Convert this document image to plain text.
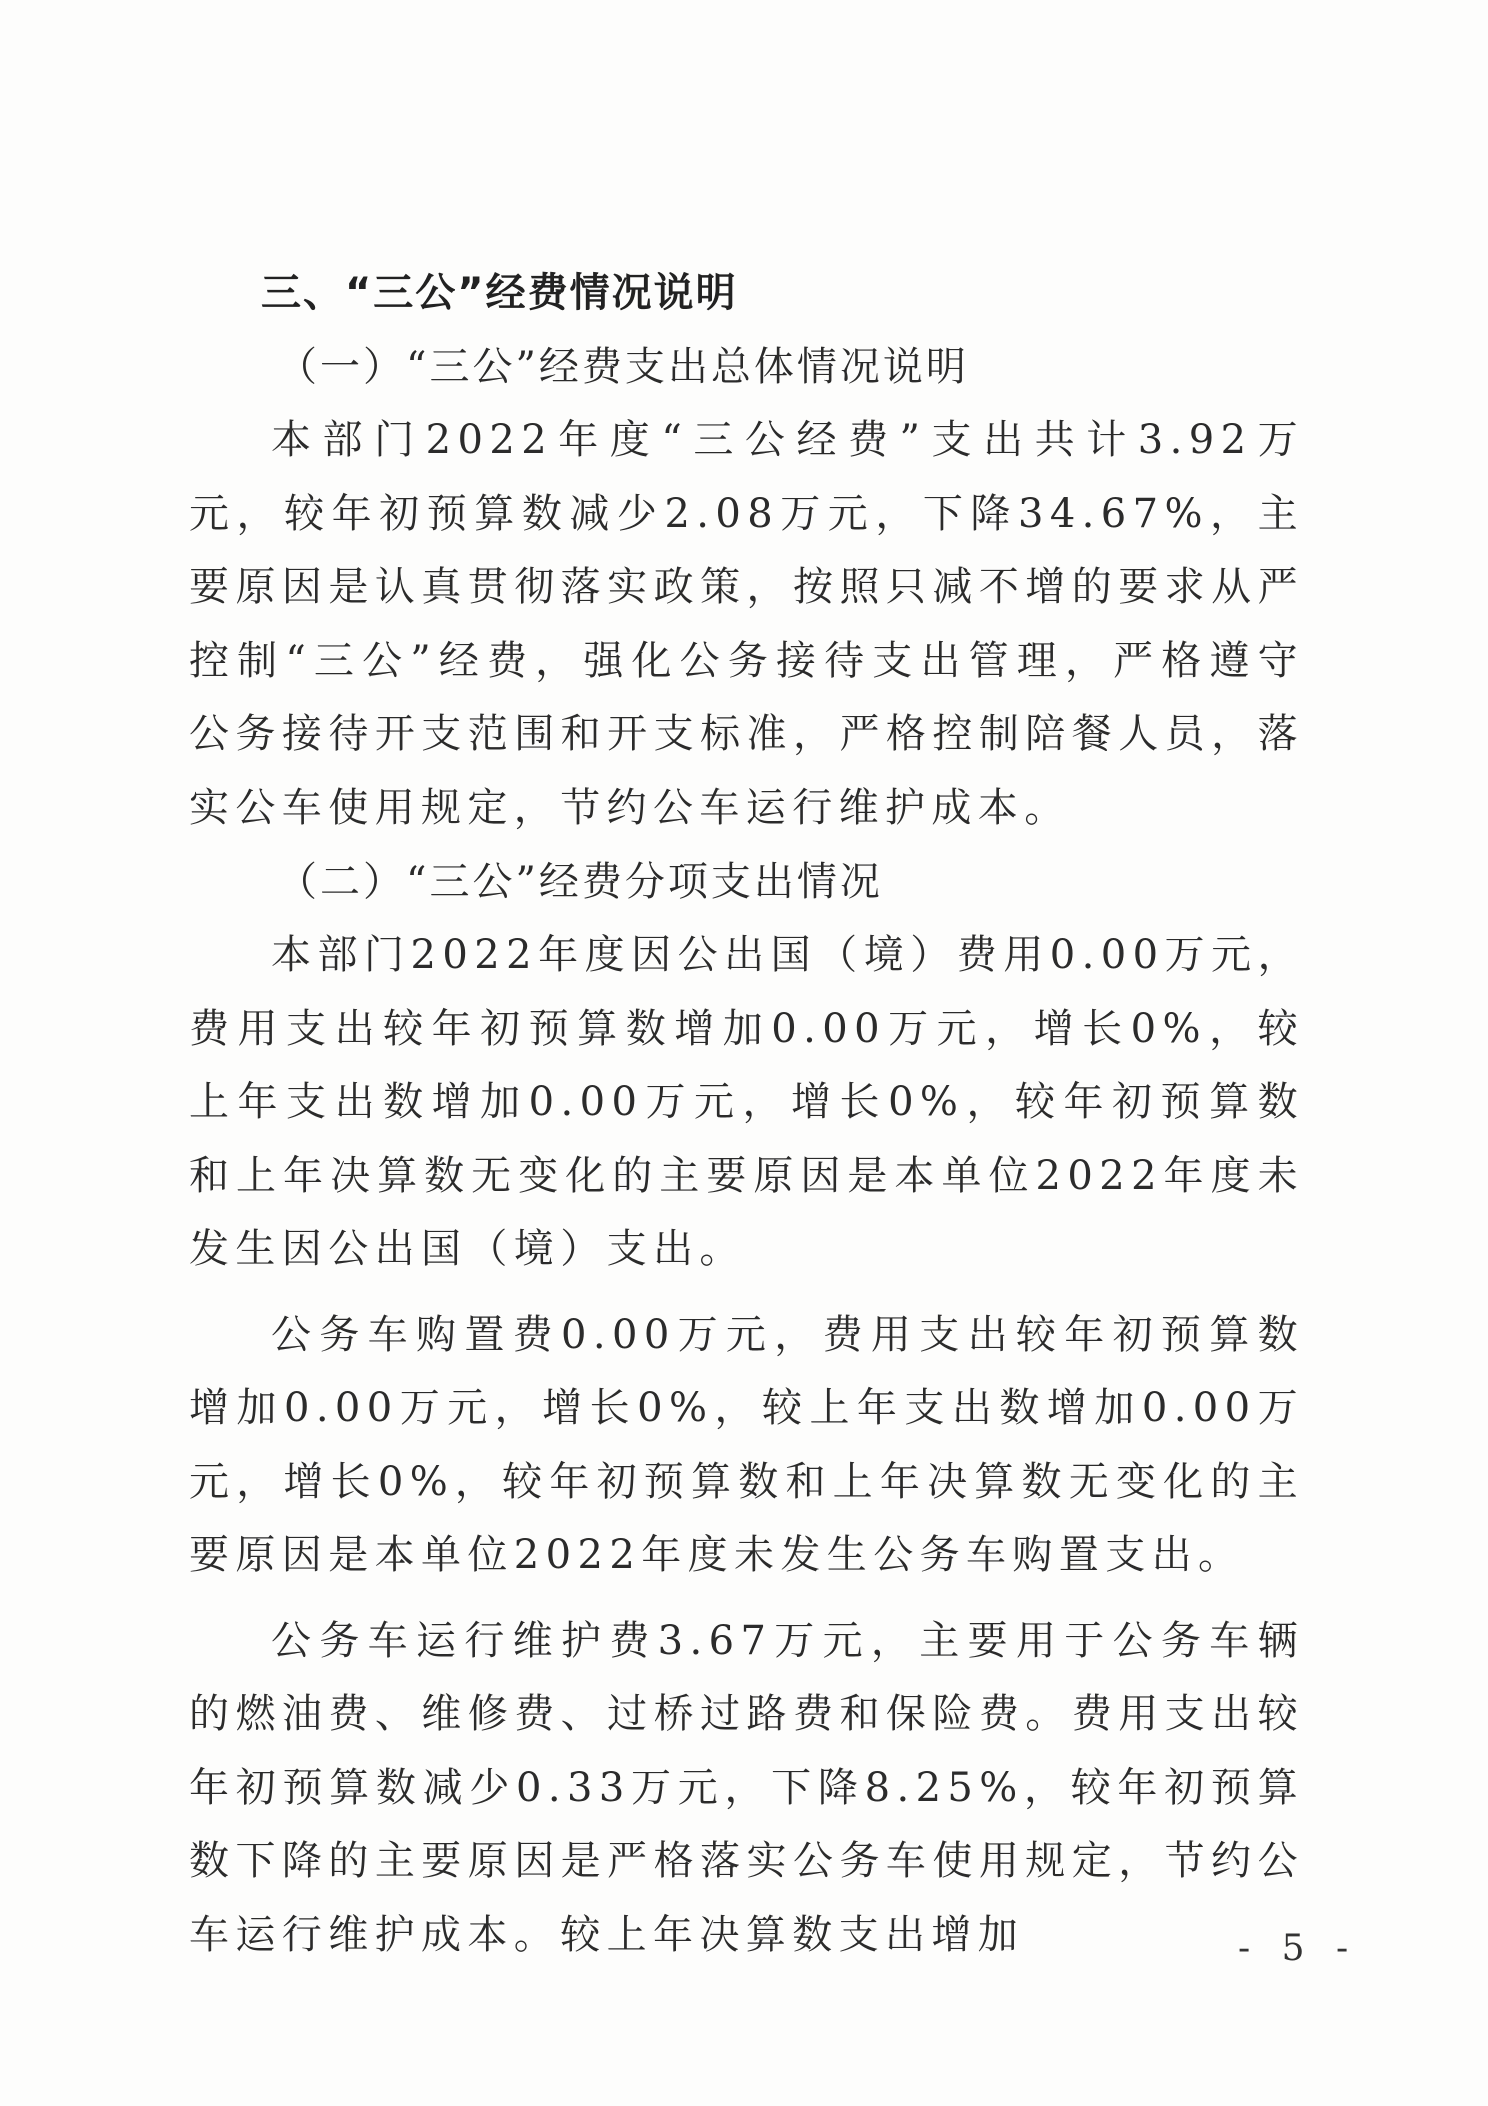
三、“三公”经费情况说明

（一）“三公”经费支出总体情况说明

本部门2022年度“三公经费”支出共计3.92万元，较年初预算数减少2.08万元，下降34.67%，主要原因是认真贯彻落实政策，按照只减不增的要求从严控制“三公”经费，强化公务接待支出管理，严格遵守公务接待开支范围和开支标准，严格控制陪餐人员，落实公车使用规定，节约公车运行维护成本。

（二）“三公”经费分项支出情况

本部门2022年度因公出国（境）费用0.00万元，费用支出较年初预算数增加0.00万元，增长0%，较上年支出数增加0.00万元，增长0%，较年初预算数和上年决算数无变化的主要原因是本单位2022年度未发生因公出国（境）支出。

公务车购置费0.00万元，费用支出较年初预算数增加0.00万元，增长0%，较上年支出数增加0.00万元，增长0%，较年初预算数和上年决算数无变化的主要原因是本单位2022年度未发生公务车购置支出。

公务车运行维护费3.67万元，主要用于公务车辆的燃油费、维修费、过桥过路费和保险费。费用支出较年初预算数减少0.33万元，下降8.25%，较年初预算数下降的主要原因是严格落实公务车使用规定，节约公车运行维护成本。较上年决算数支出增加	- 5 -
